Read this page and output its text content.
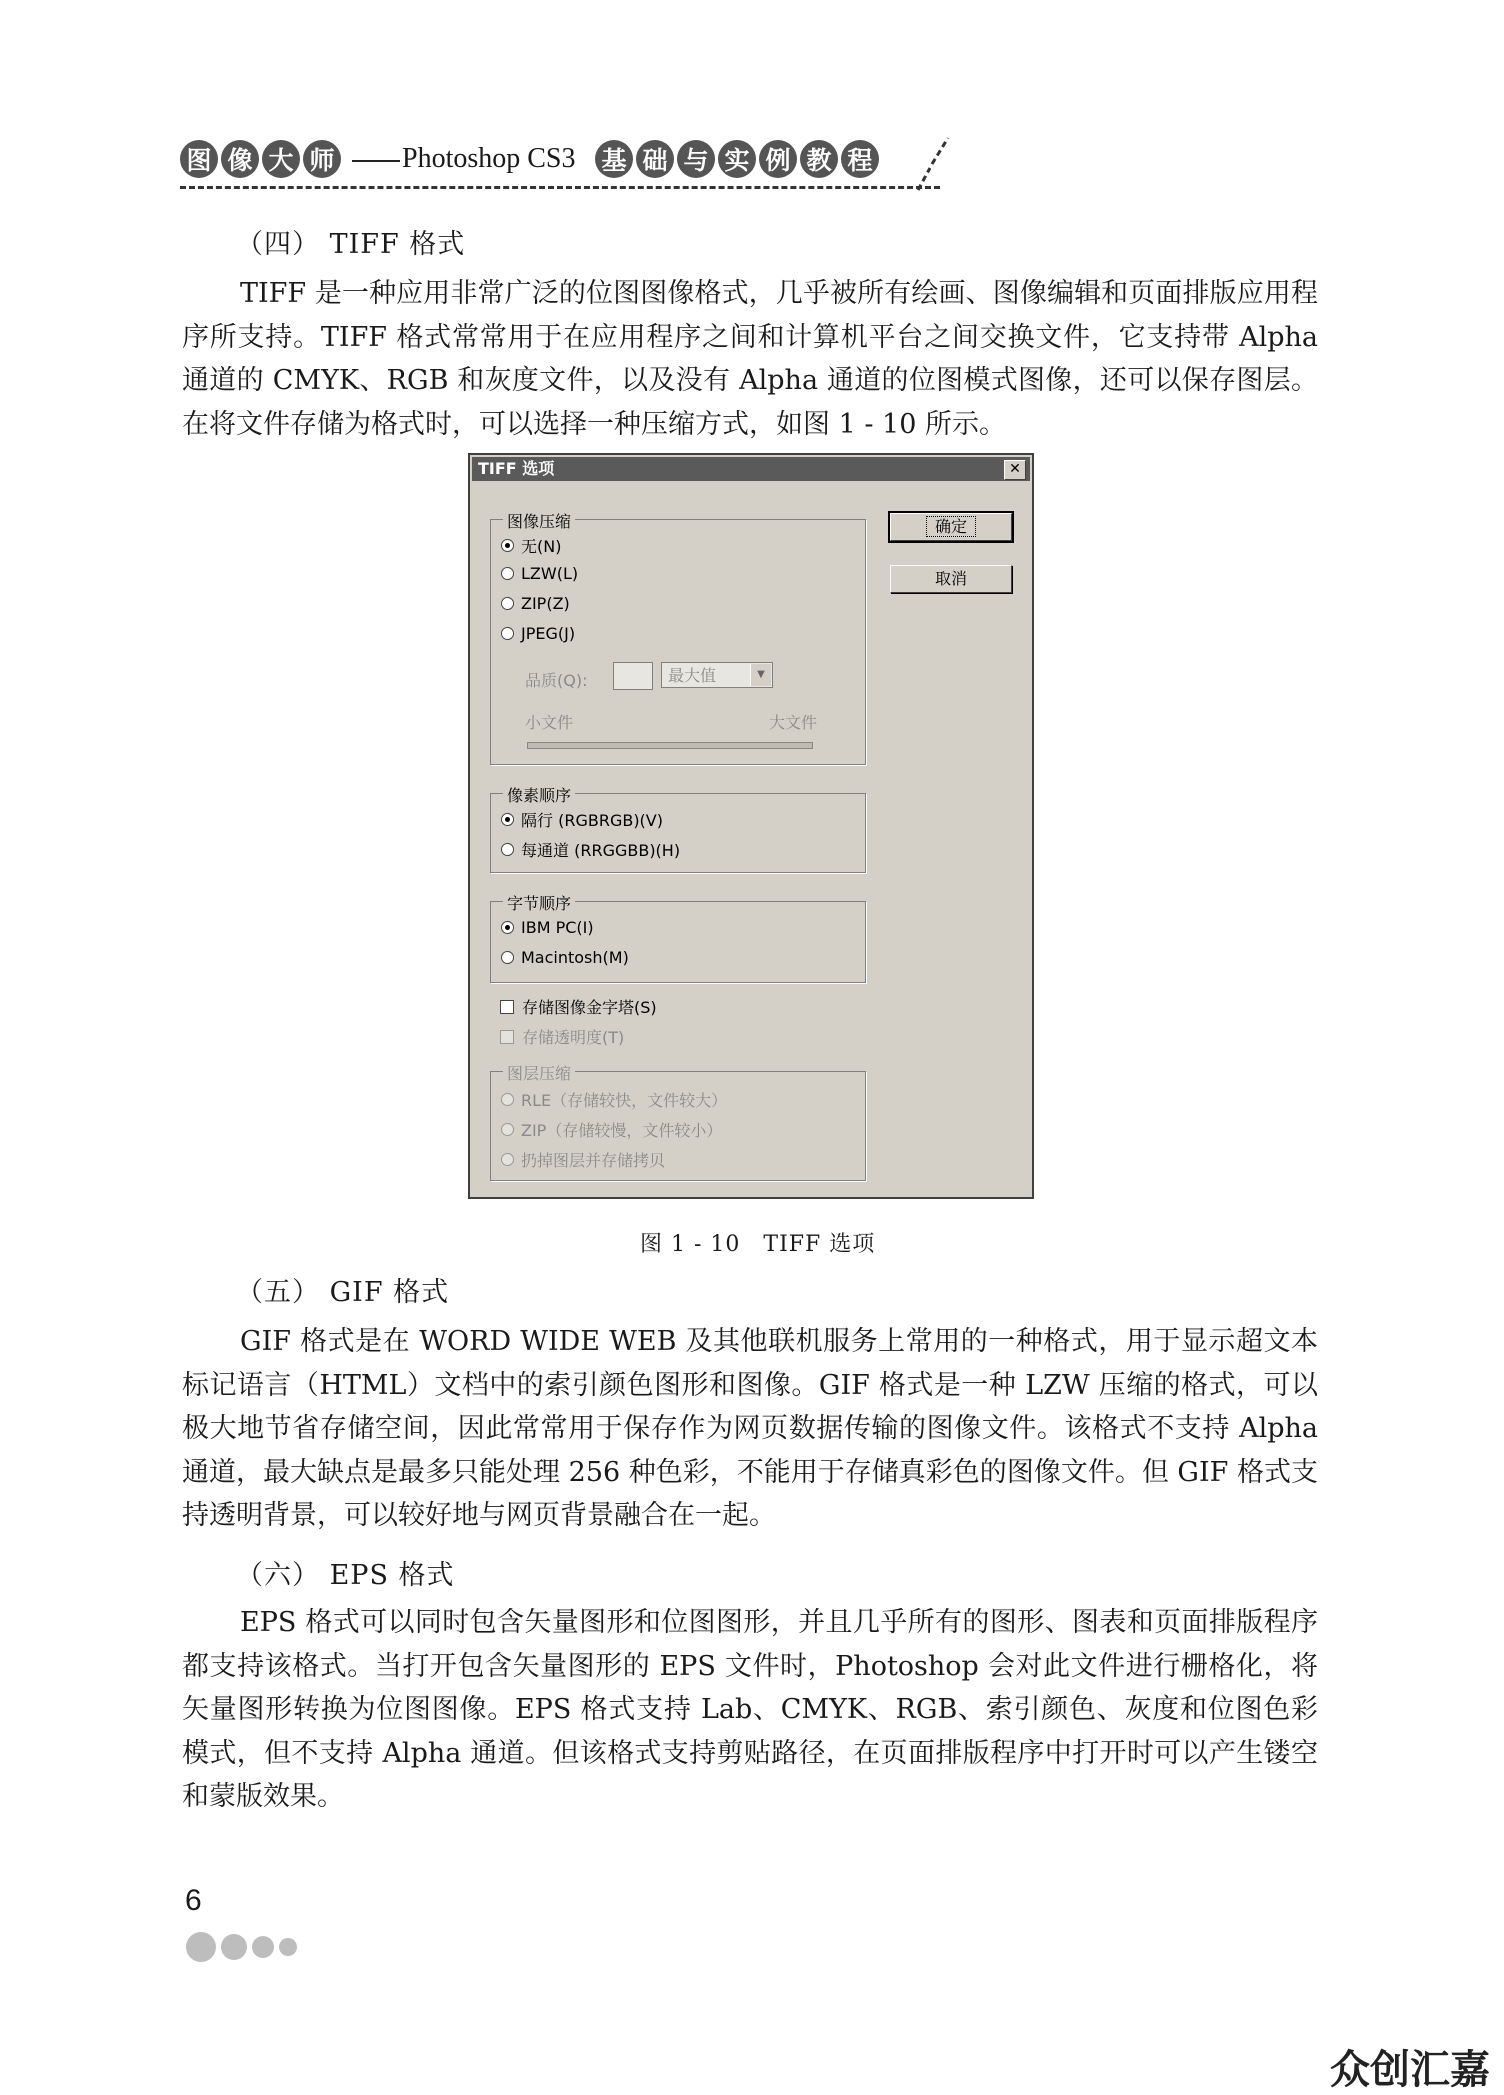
图 像 大 师 Photoshop CS3 基 础 与 实 例 教 程
（四） TIFF 格式

TIFF 是一种应用非常广泛的位图图像格式，几乎被所有绘画、图像编辑和页面排版应用程序所支持。TIFF 格式常常用于在应用程序之间和计算机平台之间交换文件，它支持带 Alpha 通道的 CMYK、RGB 和灰度文件，以及没有 Alpha 通道的位图模式图像，还可以保存图层。在将文件存储为格式时，可以选择一种压缩方式，如图 1 - 10 所示。

TIFF 选项	✕
图像压缩
无(N)
LZW(L)
ZIP(Z)
JPEG(J)
品质(Q):	最大值	▼
小文件	大文件
像素顺序
隔行 (RGBRGB)(V)
每通道 (RRGGBB)(H)
字节顺序
IBM PC(I)
Macintosh(M)
存储图像金字塔(S)
存储透明度(T)
图层压缩
RLE（存储较快，文件较大）
ZIP（存储较慢，文件较小）
扔掉图层并存储拷贝
确定
取消
图 1 - 10　TIFF 选项
（五） GIF 格式

GIF 格式是在 WORD WIDE WEB 及其他联机服务上常用的一种格式，用于显示超文本标记语言（HTML）文档中的索引颜色图形和图像。GIF 格式是一种 LZW 压缩的格式，可以极大地节省存储空间，因此常常用于保存作为网页数据传输的图像文件。该格式不支持 Alpha 通道，最大缺点是最多只能处理 256 种色彩，不能用于存储真彩色的图像文件。但 GIF 格式支持透明背景，可以较好地与网页背景融合在一起。

（六） EPS 格式

EPS 格式可以同时包含矢量图形和位图图形，并且几乎所有的图形、图表和页面排版程序都支持该格式。当打开包含矢量图形的 EPS 文件时，Photoshop 会对此文件进行栅格化，将矢量图形转换为位图图像。EPS 格式支持 Lab、CMYK、RGB、索引颜色、灰度和位图色彩模式，但不支持 Alpha 通道。但该格式支持剪贴路径，在页面排版程序中打开时可以产生镂空和蒙版效果。

6
众创汇嘉
